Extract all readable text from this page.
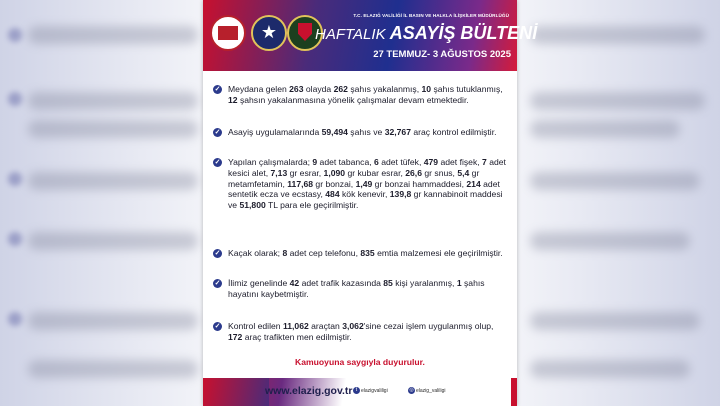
★
T.C. ELAZIĞ VALİLİĞİ İL BASIN VE HALKLA İLİŞKİLER MÜDÜRLÜĞÜ
HAFTALIK ASAYİŞ BÜLTENİ
27 TEMMUZ- 3 AĞUSTOS 2025
✓ Meydana gelen 263 olayda 262 şahıs yakalanmış, 10 şahıs tutuklanmış, 12 şahsın yakalanmasına yönelik çalışmalar devam etmektedir.
✓ Asayiş uygulamalarında 59,494 şahıs ve 32,767 araç kontrol edilmiştir.
✓ Yapılan çalışmalarda; 9 adet tabanca, 6 adet tüfek, 479 adet fişek, 7 adet kesici alet, 7,13 gr esrar, 1,090 gr kubar esrar, 26,6 gr snus, 5,4 gr metamfetamin, 117,68 gr bonzai, 1,49 gr bonzai hammaddesi, 214 adet sentetik ecza ve ecstasy, 484 kök kenevir, 139,8 gr kannabinoit maddesi ve 51,800 TL para ele geçirilmiştir.
✓ Kaçak olarak; 8 adet cep telefonu, 835 emtia malzemesi ele geçirilmiştir.
✓ İlimiz genelinde 42 adet trafik kazasında 85 kişi yaralanmış, 1 şahıs hayatını kaybetmiştir.
✓ Kontrol edilen 11,062 araçtan 3,062'sine cezai işlem uygulanmış olup, 172 araç trafikten men edilmiştir.
Kamuoyuna saygıyla duyurulur.
www.elazig.gov.tr t elazigvaliligi	◎ elazig_valiligi
